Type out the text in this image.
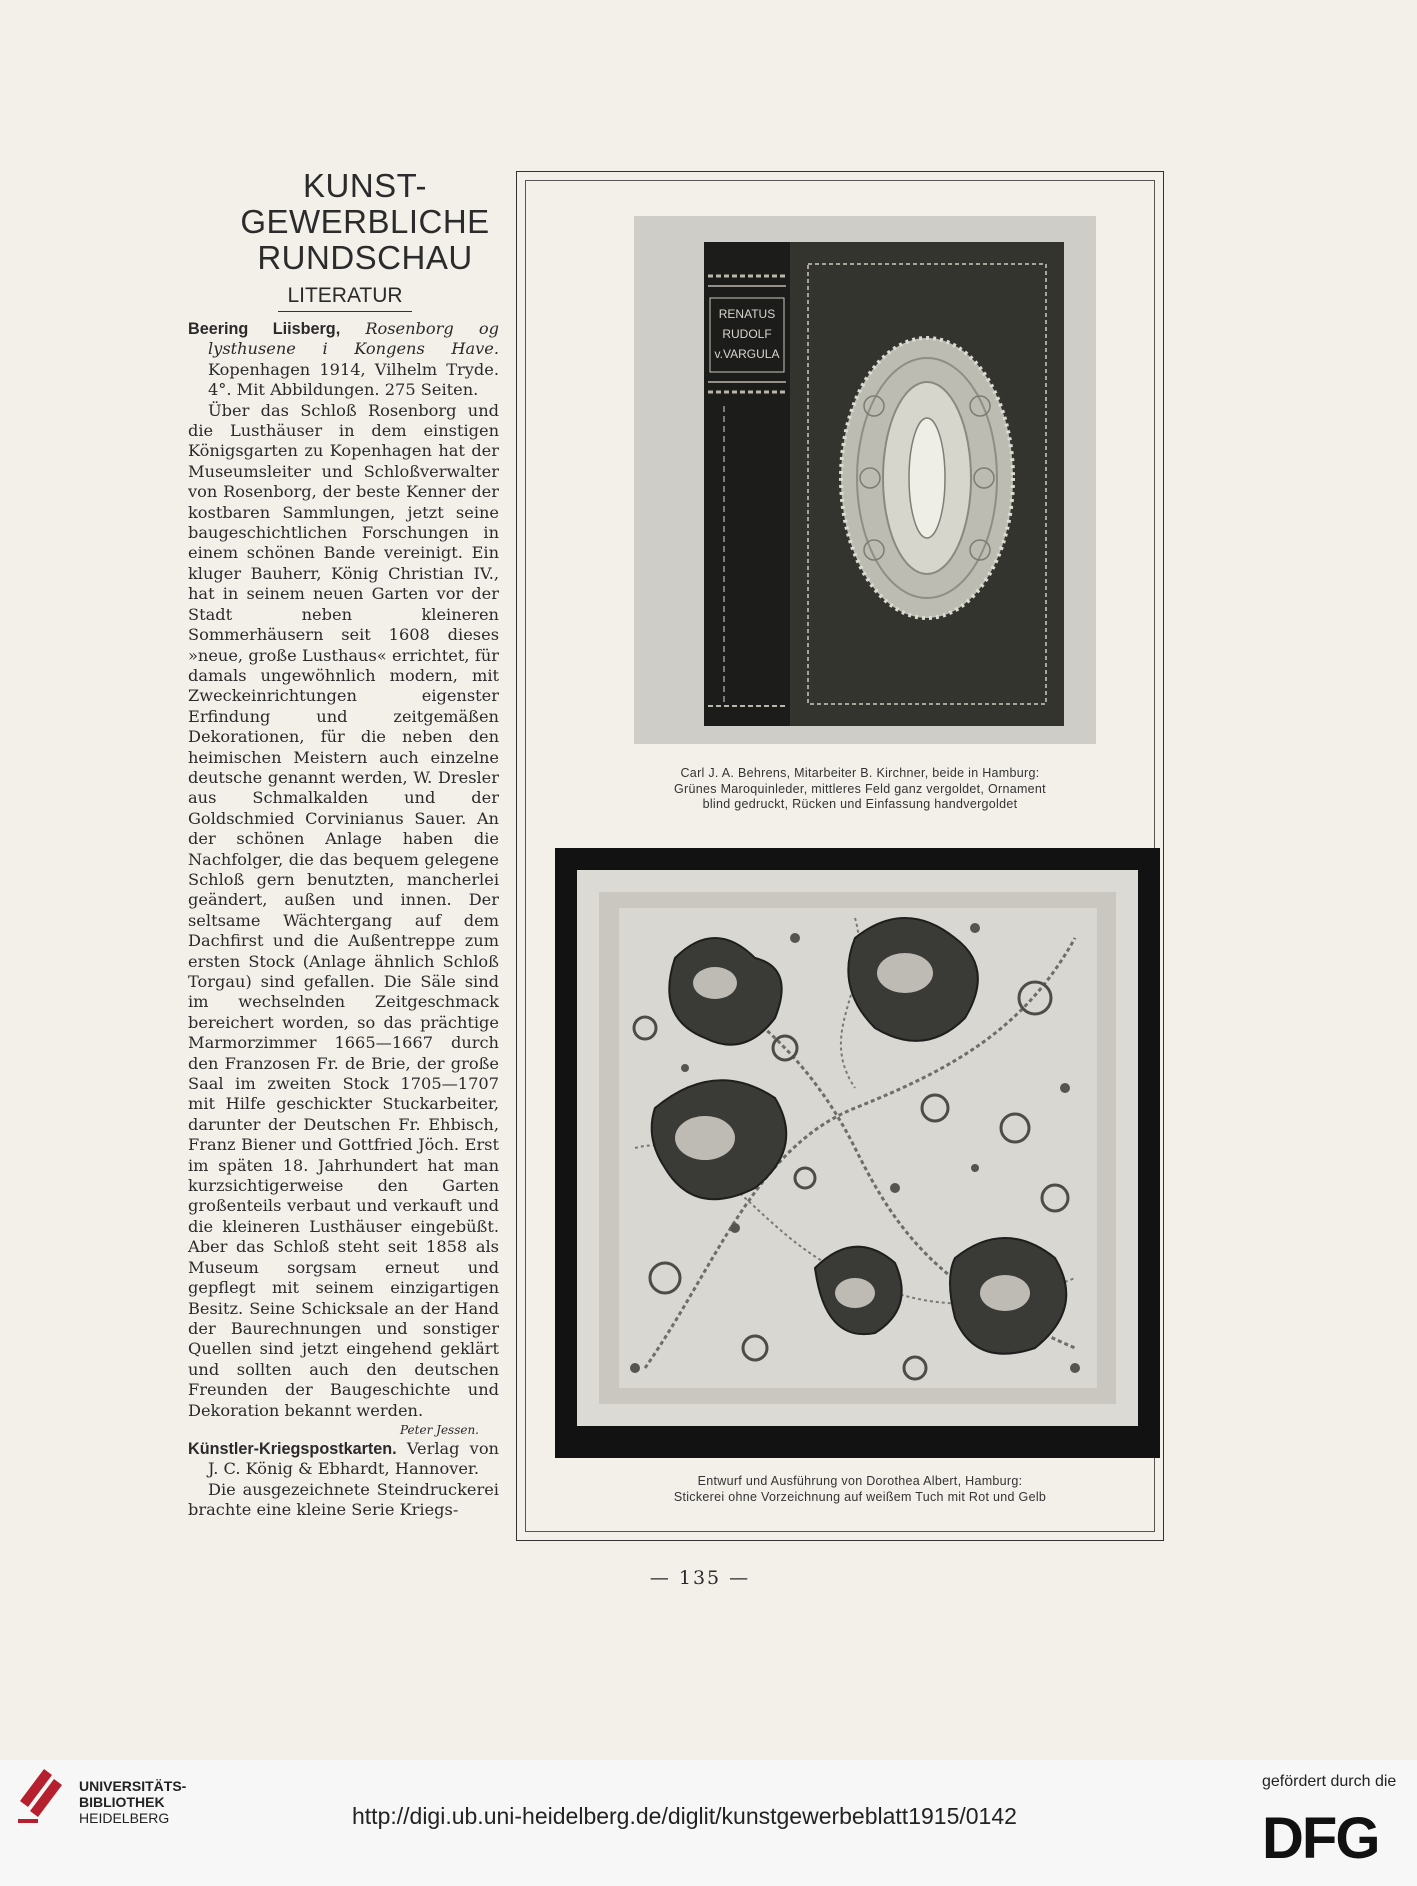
KUNST-
GEWERBLICHE
RUNDSCHAU
LITERATUR

Beering Liisberg, Rosenborg og lysthusene i Kongens Have. Kopenhagen 1914, Vilhelm Tryde. 4°. Mit Abbildungen. 275 Seiten.

Über das Schloß Rosenborg und die Lusthäuser in dem einstigen Königsgarten zu Kopenhagen hat der Museumsleiter und Schloßverwalter von Rosenborg, der beste Kenner der kostbaren Sammlungen, jetzt seine baugeschichtlichen Forschungen in einem schönen Bande vereinigt. Ein kluger Bauherr, König Christian IV., hat in seinem neuen Garten vor der Stadt neben kleineren Sommerhäusern seit 1608 dieses »neue, große Lusthaus« errichtet, für damals ungewöhnlich modern, mit Zweckeinrichtungen eigenster Erfindung und zeitgemäßen Dekorationen, für die neben den heimischen Meistern auch einzelne deutsche genannt werden, W. Dresler aus Schmalkalden und der Goldschmied Corvinianus Sauer. An der schönen Anlage haben die Nachfolger, die das bequem gelegene Schloß gern benutzten, mancherlei geändert, außen und innen. Der seltsame Wächtergang auf dem Dachfirst und die Außentreppe zum ersten Stock (Anlage ähnlich Schloß Torgau) sind gefallen. Die Säle sind im wechselnden Zeitgeschmack bereichert worden, so das prächtige Marmorzimmer 1665—1667 durch den Franzosen Fr. de Brie, der große Saal im zweiten Stock 1705—1707 mit Hilfe geschickter Stuckarbeiter, darunter der Deutschen Fr. Ehbisch, Franz Biener und Gottfried Jöch. Erst im späten 18. Jahrhundert hat man kurzsichtigerweise den Garten großenteils verbaut und verkauft und die kleineren Lusthäuser eingebüßt. Aber das Schloß steht seit 1858 als Museum sorgsam erneut und gepflegt mit seinem einzigartigen Besitz. Seine Schicksale an der Hand der Baurechnungen und sonstiger Quellen sind jetzt eingehend geklärt und sollten auch den deutschen Freunden der Baugeschichte und Dekoration bekannt werden.

Peter Jessen.

Künstler-Kriegspostkarten. Verlag von J. C. König & Ebhardt, Hannover.

Die ausgezeichnete Steindruckerei brachte eine kleine Serie Kriegs-

RENATUS
RUDOLF
v.VARGULA
Carl J. A. Behrens, Mitarbeiter B. Kirchner, beide in Hamburg:
Grünes Maroquinleder, mittleres Feld ganz vergoldet, Ornament
blind gedruckt, Rücken und Einfassung handvergoldet
Entwurf und Ausführung von Dorothea Albert, Hamburg:
Stickerei ohne Vorzeichnung auf weißem Tuch mit Rot und Gelb
— 135 —
UNIVERSITÄTS-
BIBLIOTHEK
HEIDELBERG	http://digi.ub.uni-heidelberg.de/diglit/kunstgewerbeblatt1915/0142
gefördert durch die
DFG
